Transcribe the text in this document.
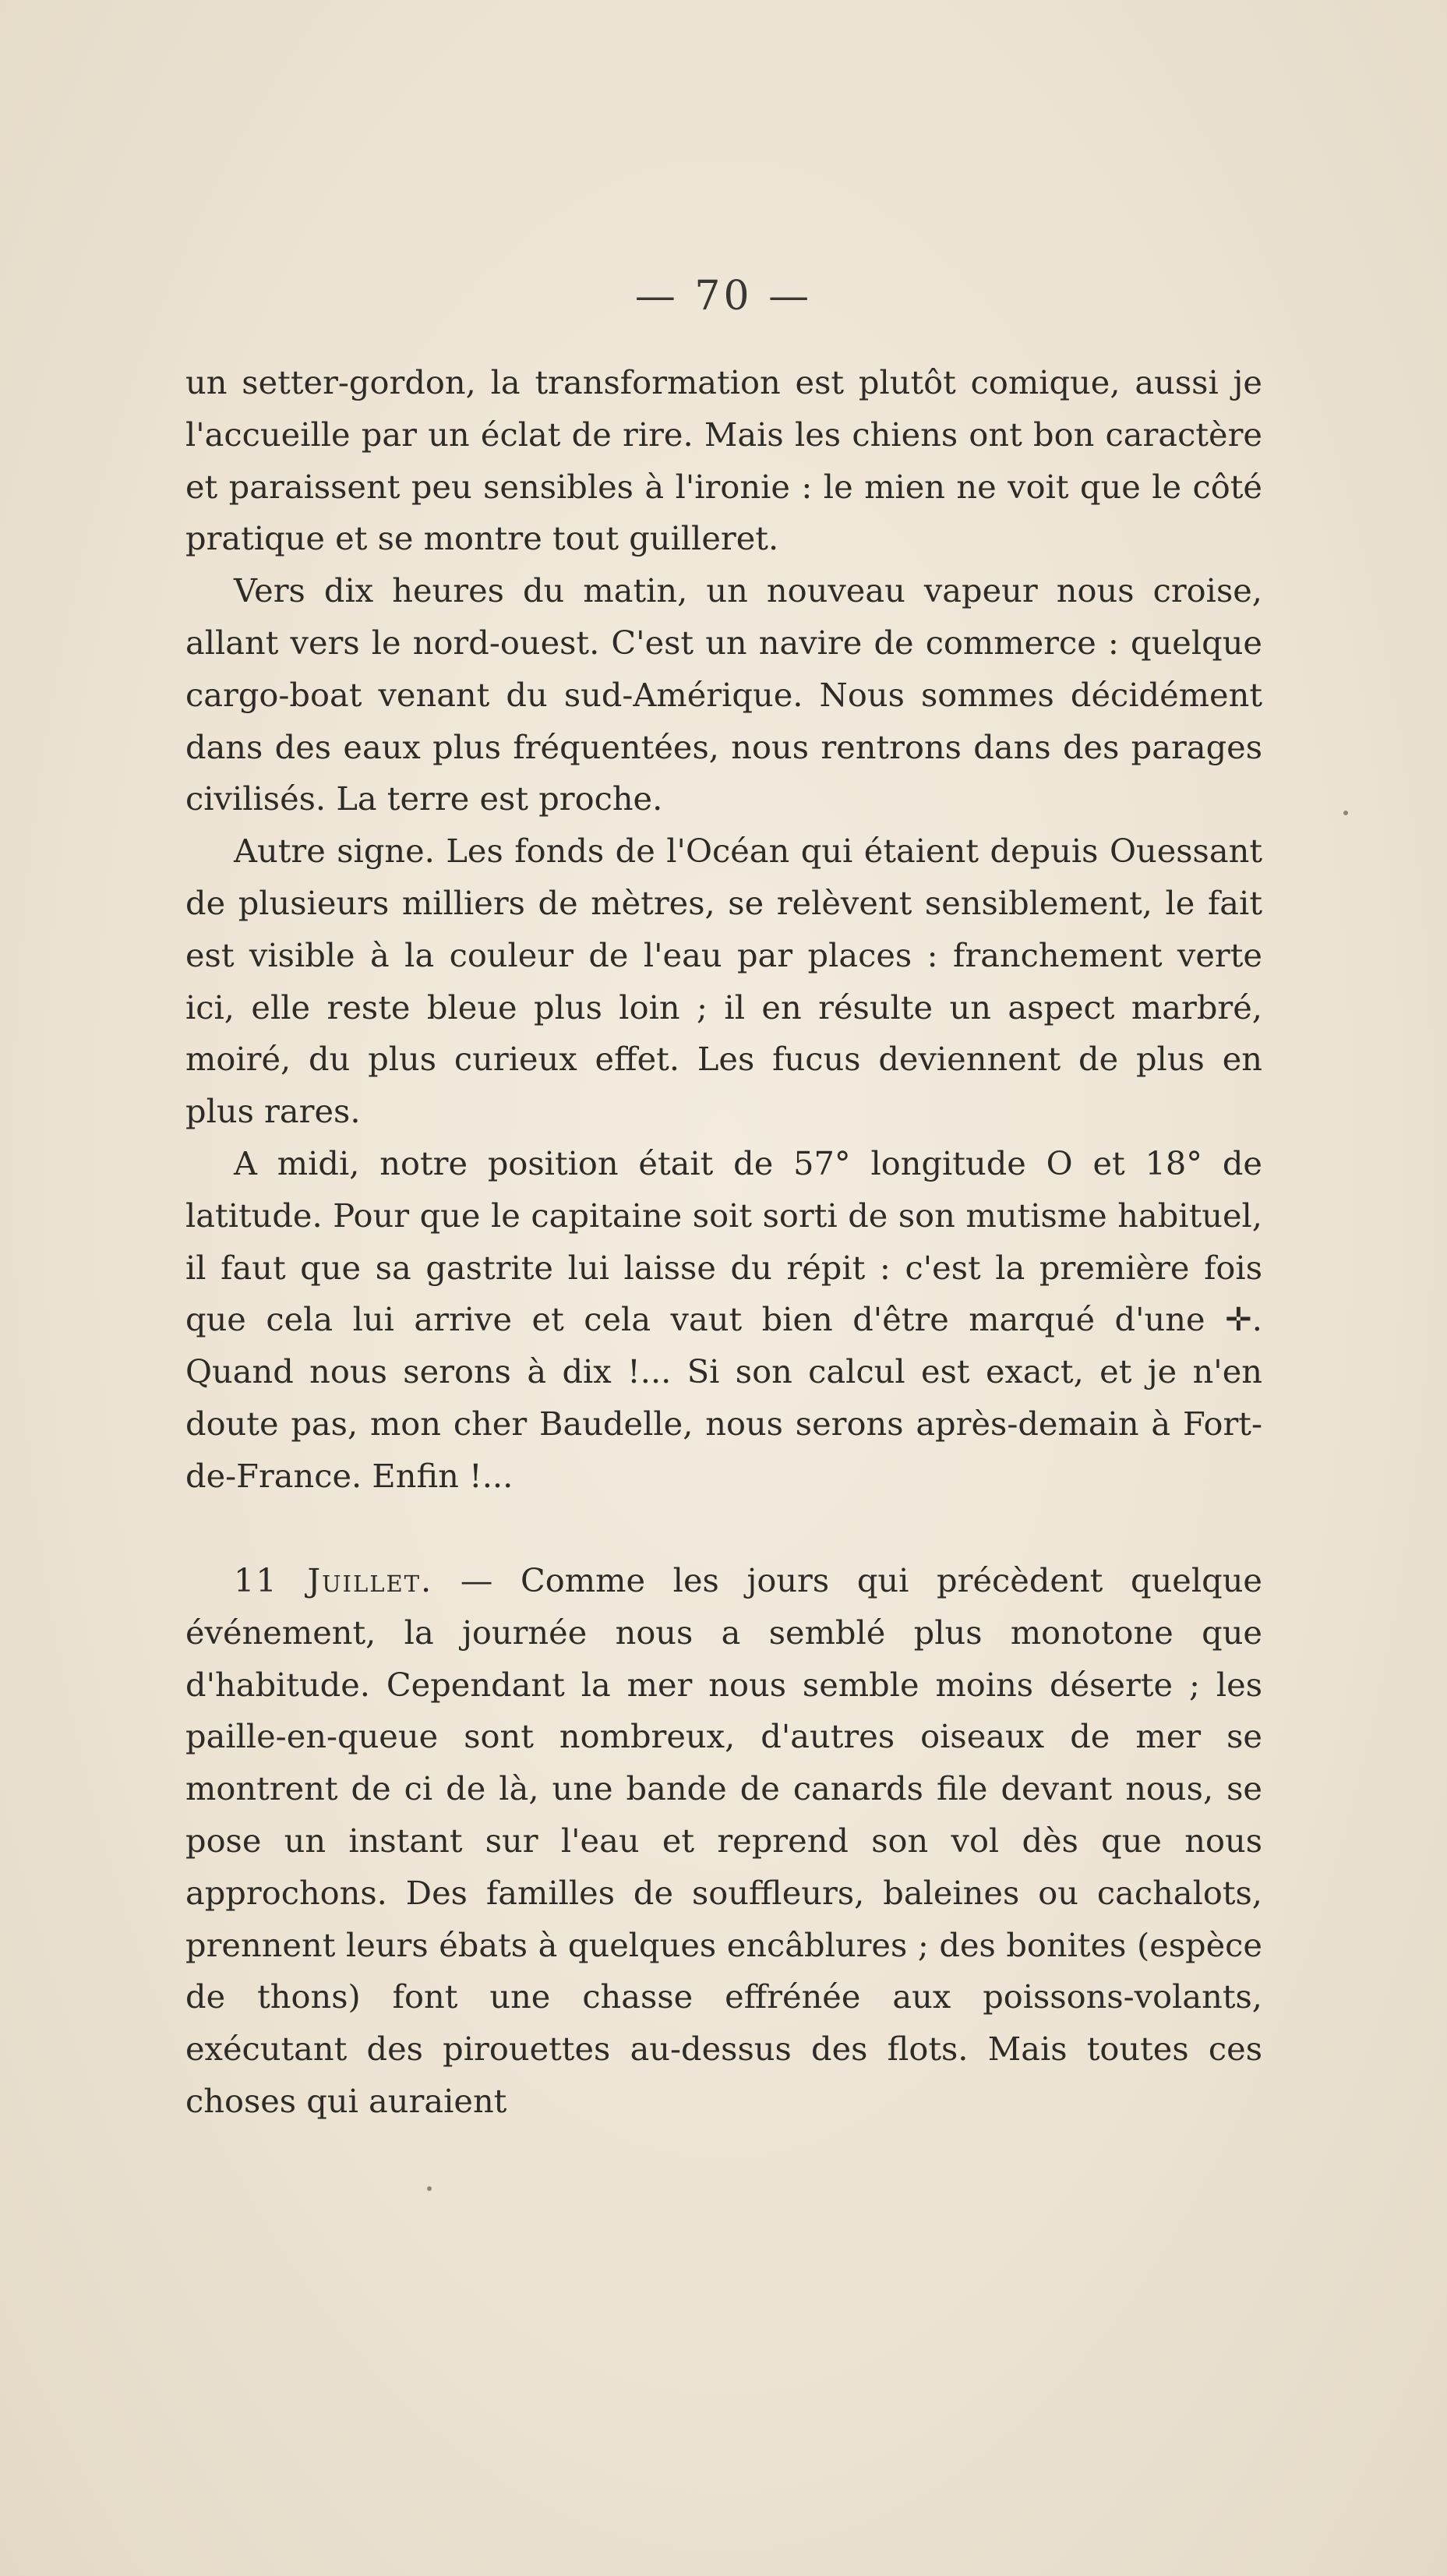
— 70 —

un setter-gordon, la transformation est plutôt comique, aussi je l'accueille par un éclat de rire. Mais les chiens ont bon caractère et paraissent peu sensibles à l'ironie : le mien ne voit que le côté pratique et se montre tout guilleret.

Vers dix heures du matin, un nouveau vapeur nous croise, allant vers le nord-ouest. C'est un navire de commerce : quelque cargo-boat venant du sud-Amérique. Nous sommes décidément dans des eaux plus fréquentées, nous rentrons dans des parages civilisés. La terre est proche.

Autre signe. Les fonds de l'Océan qui étaient depuis Ouessant de plusieurs milliers de mètres, se relèvent sensiblement, le fait est visible à la couleur de l'eau par places : franchement verte ici, elle reste bleue plus loin ; il en résulte un aspect marbré, moiré, du plus curieux effet. Les fucus deviennent de plus en plus rares.

A midi, notre position était de 57° longitude O et 18° de latitude. Pour que le capitaine soit sorti de son mutisme habituel, il faut que sa gastrite lui laisse du répit : c'est la première fois que cela lui arrive et cela vaut bien d'être marqué d'une ✛. Quand nous serons à dix !... Si son calcul est exact, et je n'en doute pas, mon cher Baudelle, nous serons après-demain à Fort-de-France. Enfin !...

11 Juillet. — Comme les jours qui précèdent quelque événement, la journée nous a semblé plus monotone que d'habitude. Cependant la mer nous semble moins déserte ; les paille-en-queue sont nombreux, d'autres oiseaux de mer se montrent de ci de là, une bande de canards file devant nous, se pose un instant sur l'eau et reprend son vol dès que nous approchons. Des familles de souffleurs, baleines ou cachalots, prennent leurs ébats à quelques encâblures ; des bonites (espèce de thons) font une chasse effrénée aux poissons-volants, exécutant des pirouettes au-dessus des flots. Mais toutes ces choses qui auraient
